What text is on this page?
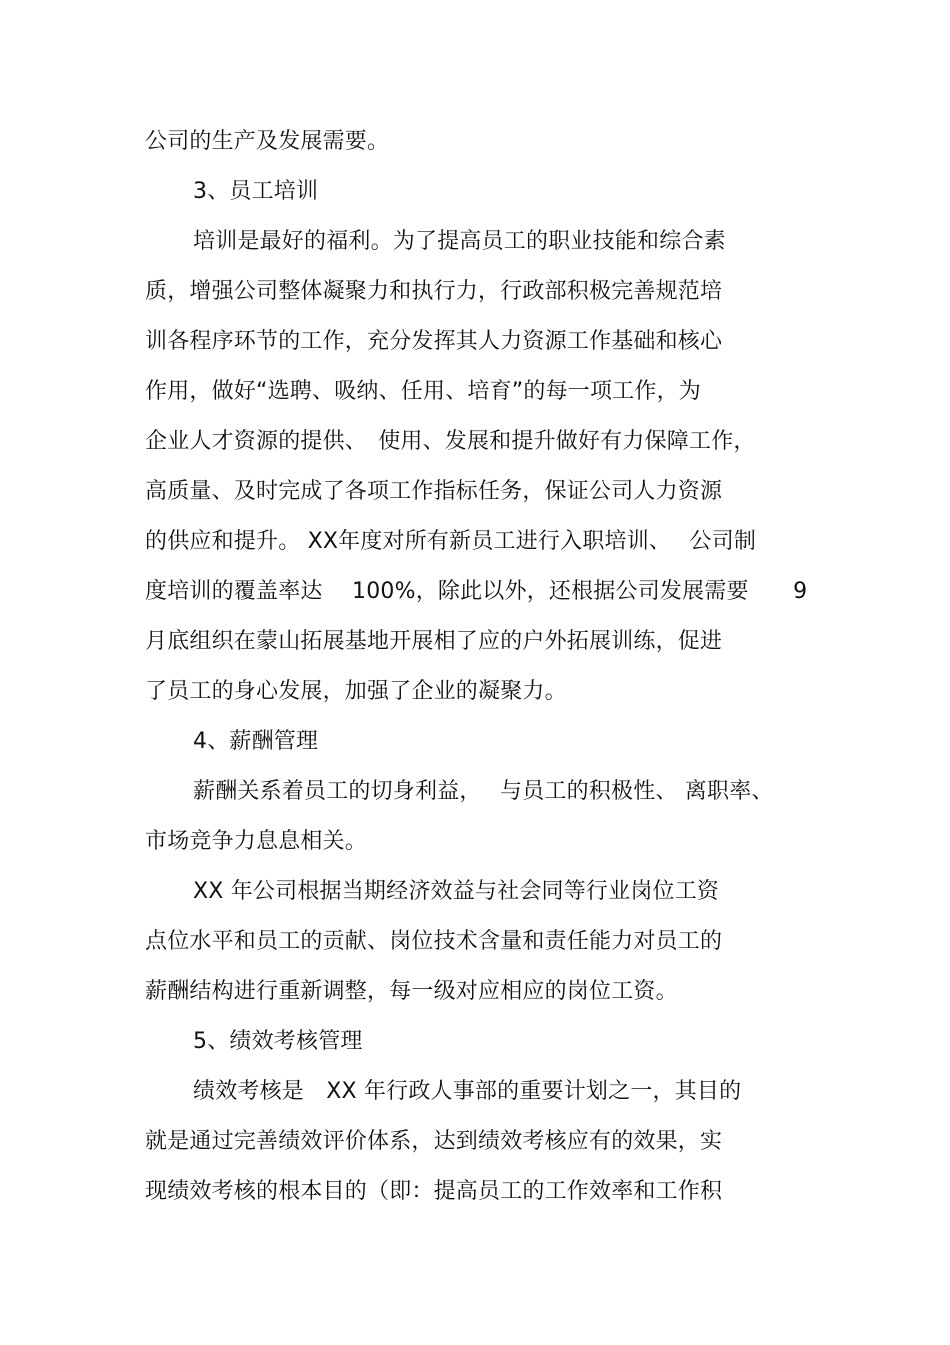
公司的生产及发展需要。
3、员工培训
培训是最好的福利。为了提高员工的职业技能和综合素
质，增强公司整体凝聚力和执行力，行政部积极完善规范培
训各程序环节的工作，充分发挥其人力资源工作基础和核心
作用，做好“选聘、吸纳、任用、培育”的每一项工作，为
企业人才资源的提供、　使用、发展和提升做好有力保障工作，
高质量、及时完成了各项工作指标任务，保证公司人力资源
的供应和提升。 XX年度对所有新员工进行入职培训、　 公司制
度培训的覆盖率达　 100%，除此以外，还根据公司发展需要　　9
月底组织在蒙山拓展基地开展相了应的户外拓展训练，促进
了员工的身心发展，加强了企业的凝聚力。
4、薪酬管理
薪酬关系着员工的切身利益，　 与员工的积极性、 离职率、
市场竞争力息息相关。
XX 年公司根据当期经济效益与社会同等行业岗位工资
点位水平和员工的贡献、岗位技术含量和责任能力对员工的
薪酬结构进行重新调整，每一级对应相应的岗位工资。
5、绩效考核管理
绩效考核是　XX 年行政人事部的重要计划之一，其目的
就是通过完善绩效评价体系，达到绩效考核应有的效果，实
现绩效考核的根本目的（即：提高员工的工作效率和工作积
